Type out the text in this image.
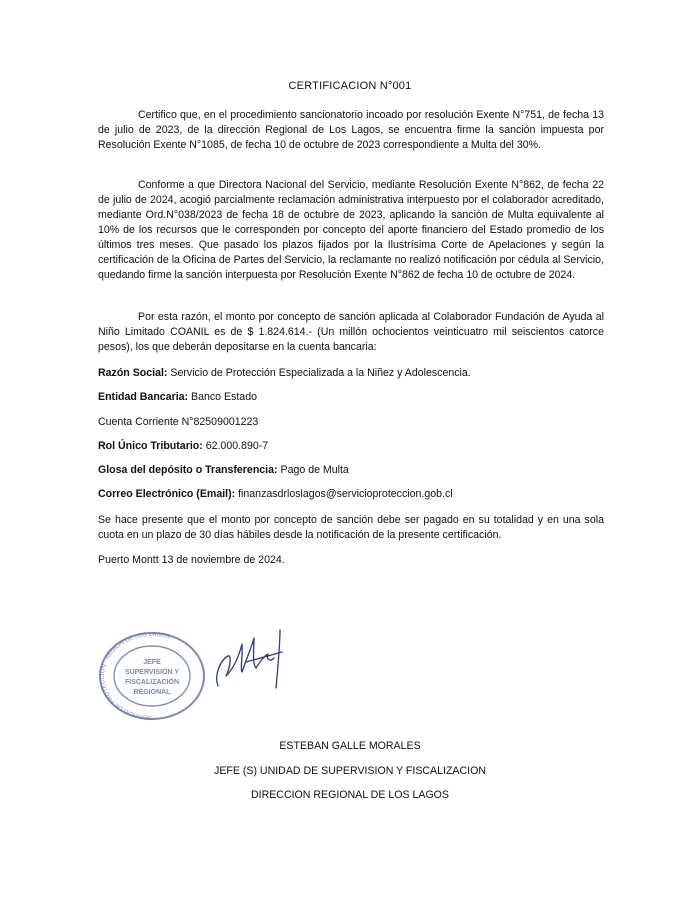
CERTIFICACION N°001

Certifico que, en el procedimiento sancionatorio incoado por resolución Exente N°751, de fecha 13 de julio de 2023, de la dirección Regional de Los Lagos, se encuentra firme la sanción impuesta por Resolución Exente N°1085, de fecha 10 de octubre de 2023 correspondiente a Multa del 30%.

Conforme a que Directora Nacional del Servicio, mediante Resolución Exente N°862, de fecha 22 de julio de 2024, acogió parcialmente reclamación administrativa interpuesto por el colaborador acreditado, mediante Ord.N°038/2023 de fecha 18 de octubre de 2023, aplicando la sanción de Multa equivalente al 10% de los recursos que le corresponden por concepto del aporte financiero del Estado promedio de los últimos tres meses. Que pasado los plazos fijados por la Ilustrísima Corte de Apelaciones y según la certificación de la Oficina de Partes del Servicio, la reclamante no realizó notificación por cédula al Servicio, quedando firme la sanción interpuesta por Resolución Exente N°862 de fecha 10 de octubre de 2024.

Por esta razón, el monto por concepto de sanción aplicada al Colaborador Fundación de Ayuda al Niño Limitado COANIL es de $ 1.824.614.- (Un millón ochocientos veinticuatro mil seiscientos catorce pesos), los que deberán depositarse en la cuenta bancaria:

Razón Social: Servicio de Protección Especializada a la Niñez y Adolescencia.

Entidad Bancaria: Banco Estado

Cuenta Corriente N°82509001223

Rol Único Tributario: 62.000.890-7

Glosa del depósito o Transferencia: Pago de Multa

Correo Electrónico (Email): finanzasdrloslagos@servicioproteccion.gob.cl

Se hace presente que el monto por concepto de sanción debe ser pagado en su totalidad y en una sola cuota en un plazo de 30 días hábiles desde la notificación de la presente certificación.

Puerto Montt 13 de noviembre de 2024.

SERVICIO DE PROTECCIÓN · REGIÓN DE LOS LAGOS
JEFE
SUPERVISIÓN Y
FISCALIZACIÓN
REGIONAL
ESTEBAN GALLE MORALES
JEFE (S) UNIDAD DE SUPERVISION Y FISCALIZACION
DIRECCION REGIONAL DE LOS LAGOS
